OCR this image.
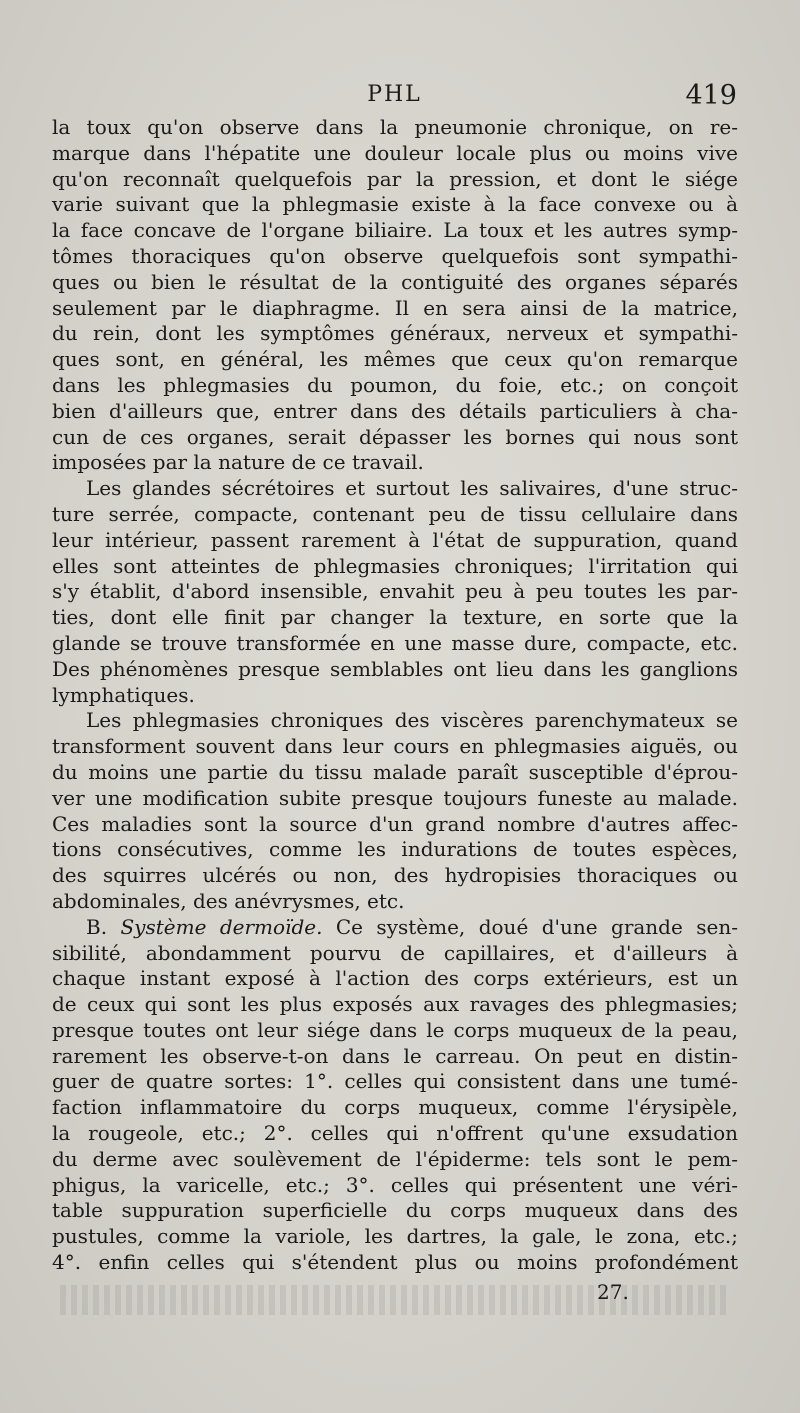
PHL	419
la toux qu'on observe dans la pneumonie chronique, on re-
marque dans l'hépatite une douleur locale plus ou moins vive
qu'on reconnaît quelquefois par la pression, et dont le siége
varie suivant que la phlegmasie existe à la face convexe ou à
la face concave de l'organe biliaire. La toux et les autres symp-
tômes thoraciques qu'on observe quelquefois sont sympathi-
ques ou bien le résultat de la contiguité des organes séparés
seulement par le diaphragme. Il en sera ainsi de la matrice,
du rein, dont les symptômes généraux, nerveux et sympathi-
ques sont, en général, les mêmes que ceux qu'on remarque
dans les phlegmasies du poumon, du foie, etc.; on conçoit
bien d'ailleurs que, entrer dans des détails particuliers à cha-
cun de ces organes, serait dépasser les bornes qui nous sont
imposées par la nature de ce travail.
Les glandes sécrétoires et surtout les salivaires, d'une struc-
ture serrée, compacte, contenant peu de tissu cellulaire dans
leur intérieur, passent rarement à l'état de suppuration, quand
elles sont atteintes de phlegmasies chroniques; l'irritation qui
s'y établit, d'abord insensible, envahit peu à peu toutes les par-
ties, dont elle finit par changer la texture, en sorte que la
glande se trouve transformée en une masse dure, compacte, etc.
Des phénomènes presque semblables ont lieu dans les ganglions
lymphatiques.
Les phlegmasies chroniques des viscères parenchymateux se
transforment souvent dans leur cours en phlegmasies aiguës, ou
du moins une partie du tissu malade paraît susceptible d'éprou-
ver une modification subite presque toujours funeste au malade.
Ces maladies sont la source d'un grand nombre d'autres affec-
tions consécutives, comme les indurations de toutes espèces,
des squirres ulcérés ou non, des hydropisies thoraciques ou
abdominales, des anévrysmes, etc.
B. Système dermoïde. Ce système, doué d'une grande sen-
sibilité, abondamment pourvu de capillaires, et d'ailleurs à
chaque instant exposé à l'action des corps extérieurs, est un
de ceux qui sont les plus exposés aux ravages des phlegmasies;
presque toutes ont leur siége dans le corps muqueux de la peau,
rarement les observe-t-on dans le carreau. On peut en distin-
guer de quatre sortes: 1°. celles qui consistent dans une tumé-
faction inflammatoire du corps muqueux, comme l'érysipèle,
la rougeole, etc.; 2°. celles qui n'offrent qu'une exsudation
du derme avec soulèvement de l'épiderme: tels sont le pem-
phigus, la varicelle, etc.; 3°. celles qui présentent une véri-
table suppuration superficielle du corps muqueux dans des
pustules, comme la variole, les dartres, la gale, le zona, etc.;
4°. enfin celles qui s'étendent plus ou moins profondément
27.
